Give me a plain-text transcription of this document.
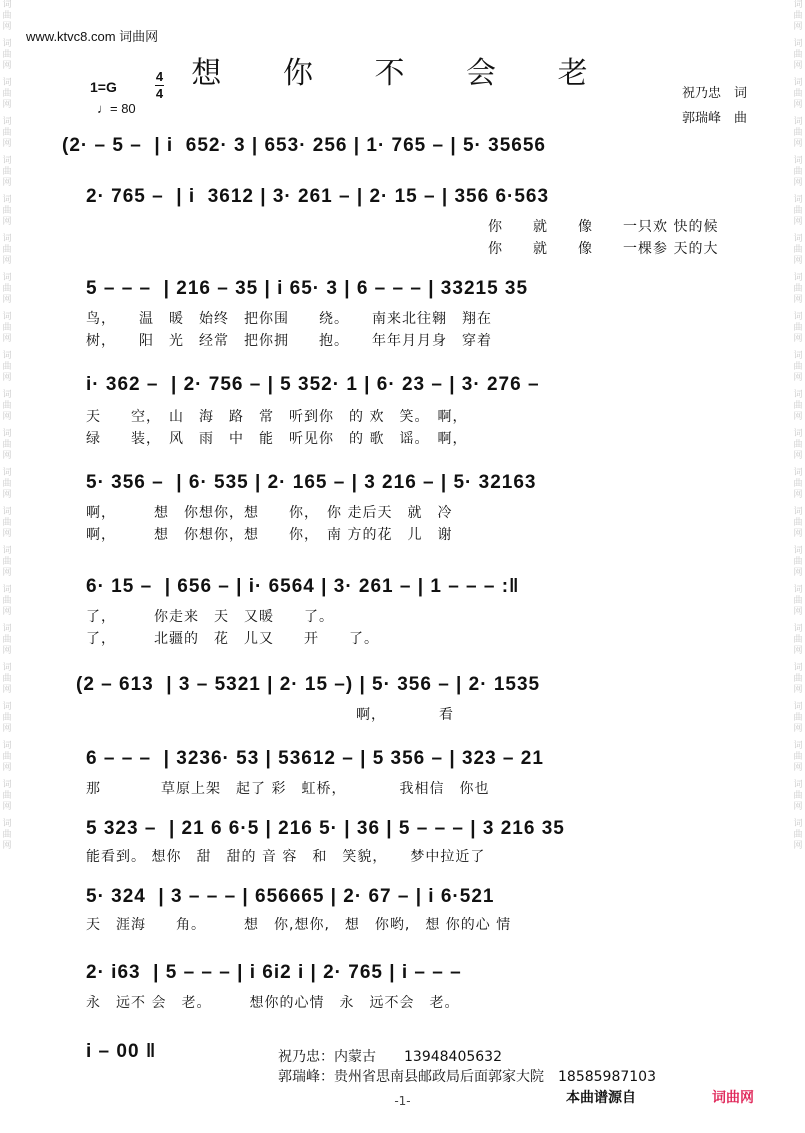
词
曲
网
词
曲
网
词
曲
网
词
曲
网
词
曲
网
词
曲
网
词
曲
网
词
曲
网
词
曲
网
词
曲
网
词
曲
网
词
曲
网
词
曲
网
词
曲
网
词
曲
网
词
曲
网
词
曲
网
词
曲
网
词
曲
网
词
曲
网
词
曲
网
词
曲
网
词
曲
网
词
曲
网
词
曲
网
词
曲
网
词
曲
网
词
曲
网
词
曲
网
词
曲
网
词
曲
网
词
曲
网
词
曲
网
词
曲
网
词
曲
网
词
曲
网
词
曲
网
词
曲
网
词
曲
网
词
曲
网
词
曲
网
词
曲
网
词
曲
网
词
曲
网
www.ktvc8.com 词曲网
想 你 不 会 老
1=G
4
4
♩= 80
祝乃忠　词
郭瑞峰　曲
(2· – 5 –  | i  652· 3 | 653· 256 | 1· 765 – | 5· 35656
2· 765 –  | i  3612 | 3· 261 – | 2· 15 – | 356 6·563
你　　就　　像　　一只欢 快的候
你　　就　　像　　一棵参 天的大
5 – – –  | 216 – 35 | i 65· 3 | 6 – – – | 33215 35
鸟，　　温　暖　始终　把你围　　绕。　　南来北往翱　翔在
树，　　阳　光　经常　把你拥　　抱。　　年年月月身　穿着
i· 362 –  | 2· 756 – | 5 352· 1 | 6· 23 – | 3· 276 –
天　　空，　山　海　路　常　听到你　的 欢　笑。　啊，
绿　　装，　风　雨　中　能　听见你　的 歌　谣。　啊，
5· 356 –  | 6· 535 | 2· 165 – | 3 216 – | 5· 32163
啊，　　　想　你想你，想　　你，　你 走后天　就　冷
啊，　　　想　你想你，想　　你，　南 方的花　儿　谢
6· 15 –  | 656 – | i· 6564 | 3· 261 – | 1 – – – :‖
了，　　　你走来　天　又暖　　了。
了，　　　北疆的　花　儿又　　开　　了。
(2 – 613  | 3 – 5321 | 2· 15 –) | 5· 356 – | 2· 1535
　　　　　　　　　　　　　　　　　　啊，　　　　看
6 – – –  | 3236· 53 | 53612 – | 5 356 – | 323 – 21
那　　　　草原上架　起了 彩　虹桥，　　　　我相信　你也
5 323 –  | 21 6 6·5 | 216 5· | 36 | 5 – – – | 3 216 35
能看到。 想你　甜　甜的 音 容　和　笑貌，　　梦中拉近了
5· 324  | 3 – – – | 656665 | 2· 67 – | i 6·521
天　涯海　　角。　　　想　你,想你,　想　你哟,　想 你的心 情
2· i63  | 5 – – – | i 6i2 i | 2· 765 | i – – –
永　远不 会　老。　　　想你的心情　永　远不会　老。
i – 00 ‖	祝乃忠：内蒙古　　13948405632
郭瑞峰：贵州省思南县邮政局后面郭家大院　18585987103
-1-	本曲谱源自	词曲网
